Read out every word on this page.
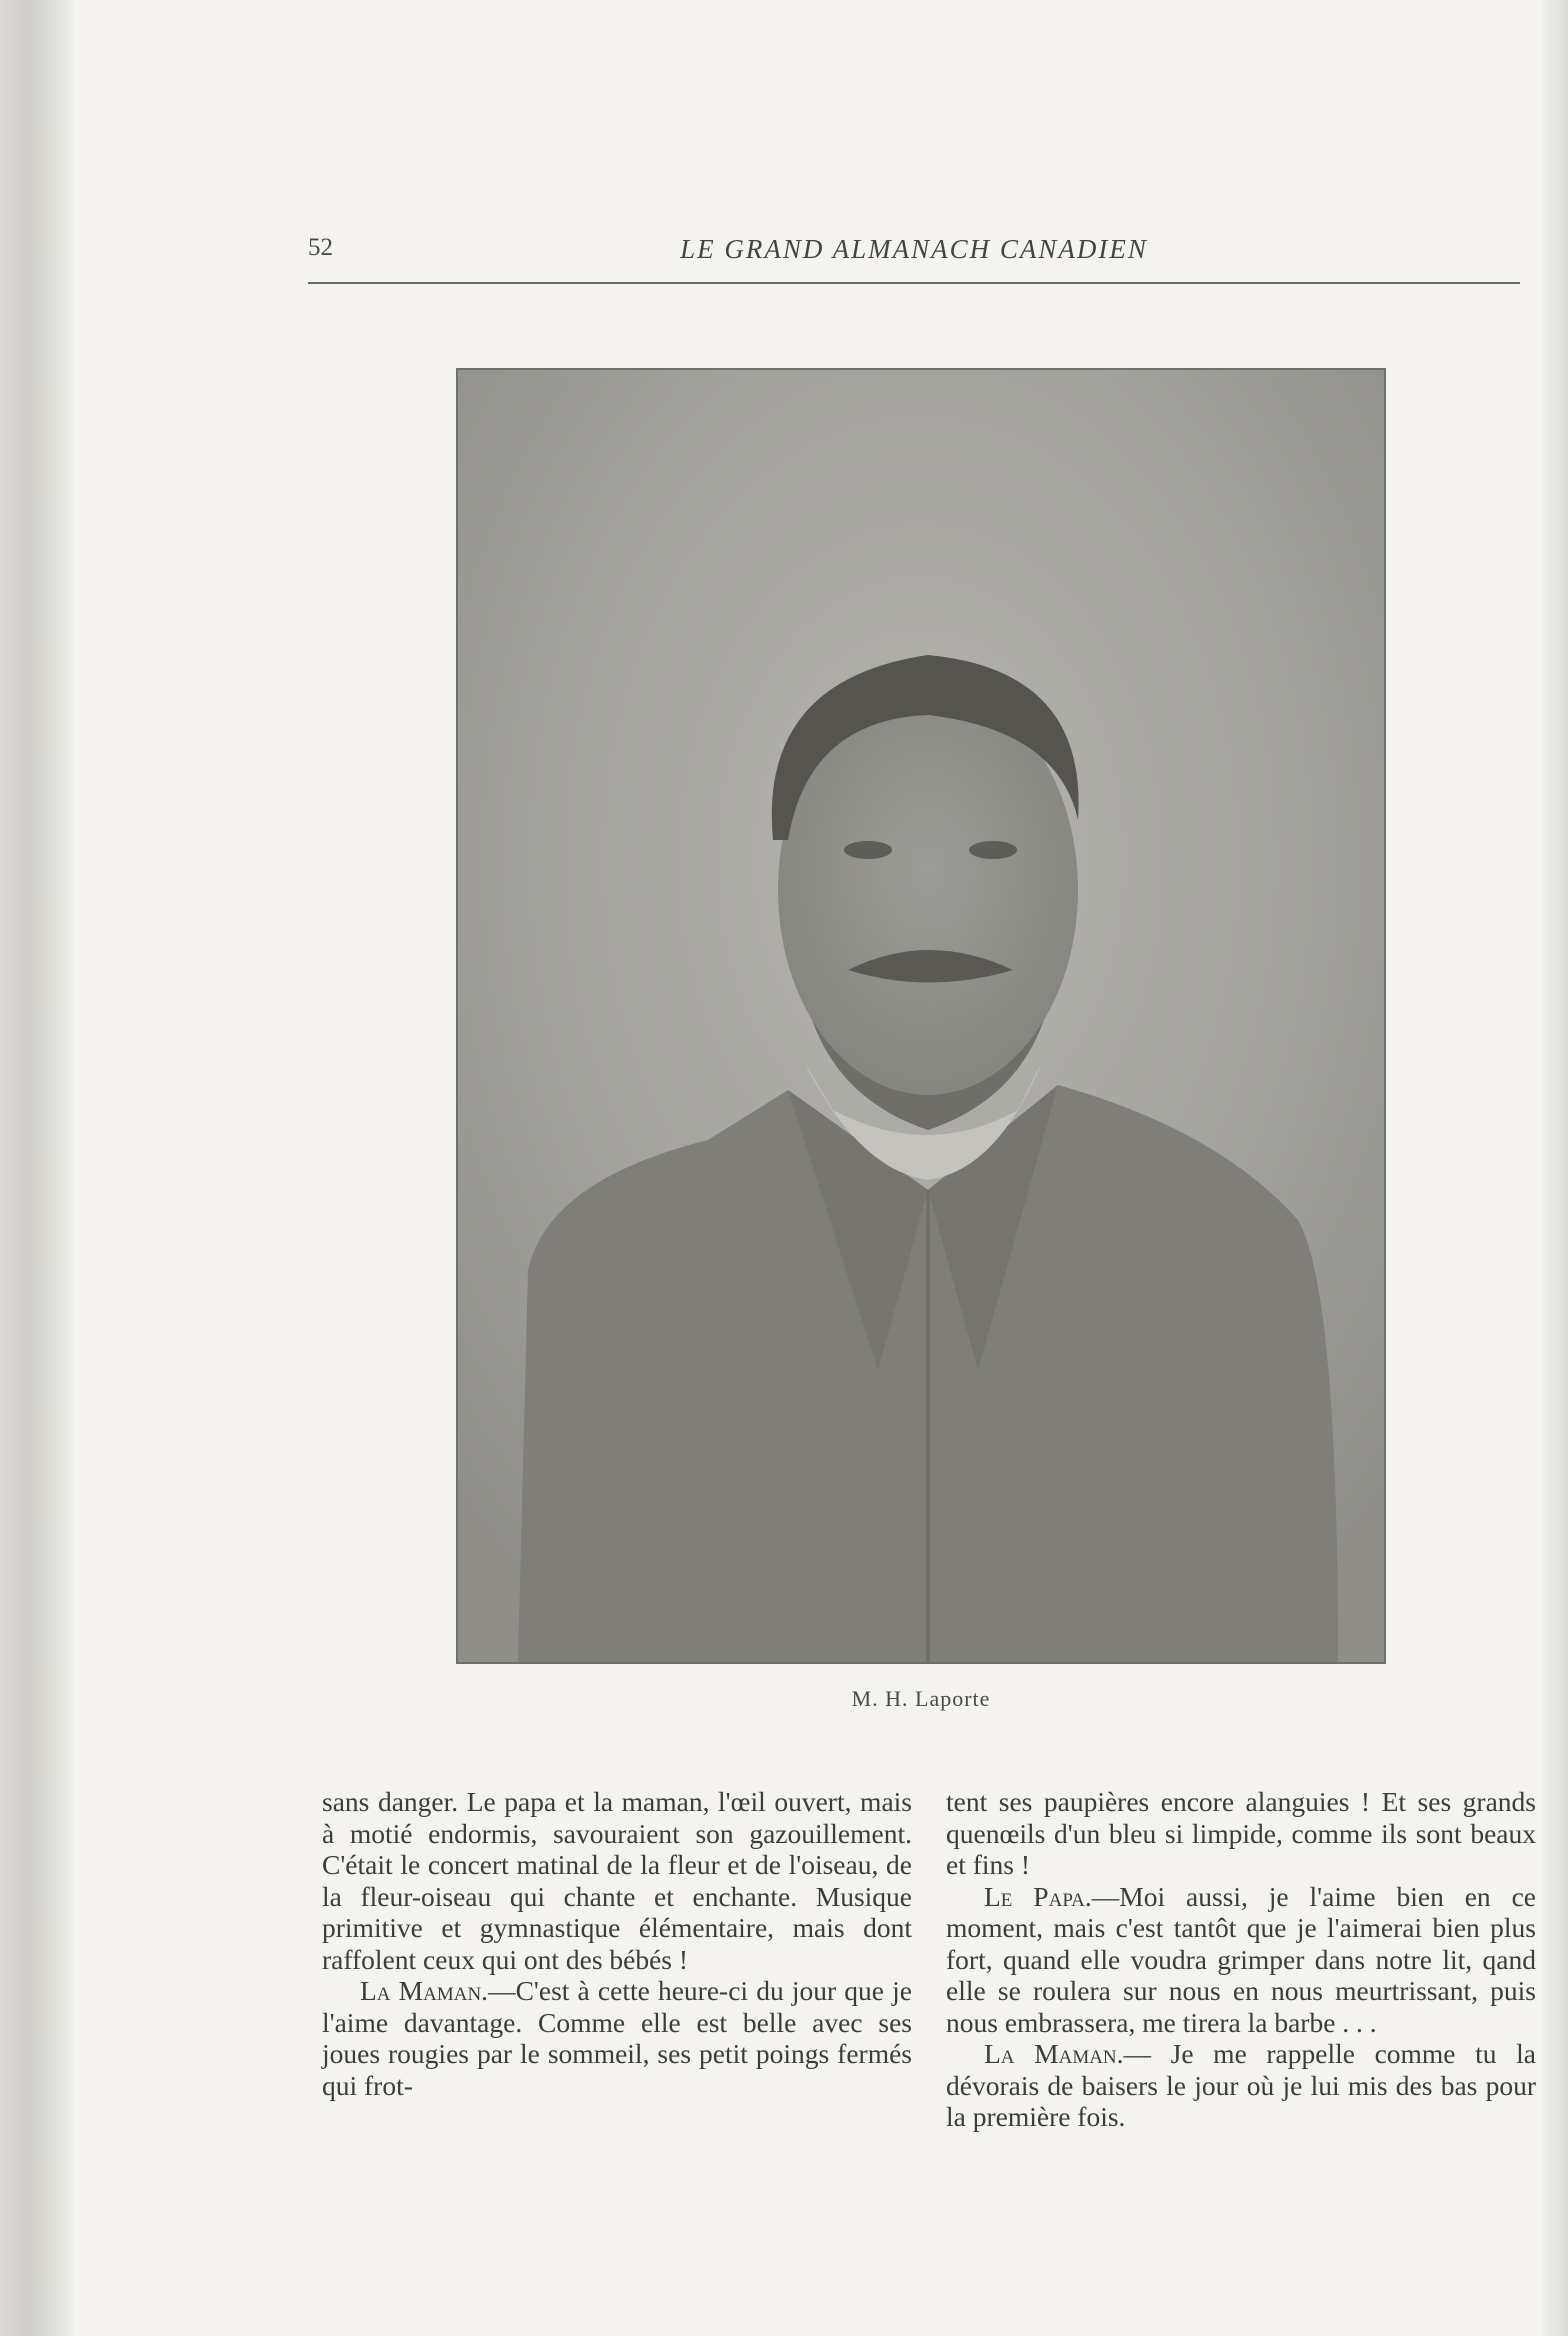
52	LE GRAND ALMANACH CANADIEN
M. H. Laporte

sans danger. Le papa et la maman, l'œil ouvert, mais à motié endormis, savouraient son gazouillement. C'était le concert matinal de la fleur et de l'oiseau, de la fleur-oiseau qui chante et enchante. Musique primitive et gymnastique élémentaire, mais dont raffolent ceux qui ont des bébés !

La Maman.—C'est à cette heure-ci du jour que je l'aime davantage. Comme elle est belle avec ses joues rougies par le sommeil, ses petit poings fermés qui frot-

tent ses paupières encore alanguies ! Et ses grands quenœils d'un bleu si limpide, comme ils sont beaux et fins !

Le Papa.—Moi aussi, je l'aime bien en ce moment, mais c'est tantôt que je l'aimerai bien plus fort, quand elle voudra grimper dans notre lit, qand elle se roulera sur nous en nous meurtrissant, puis nous embrassera, me tirera la barbe . . .

La Maman.— Je me rappelle comme tu la dévorais de baisers le jour où je lui mis des bas pour la première fois.
